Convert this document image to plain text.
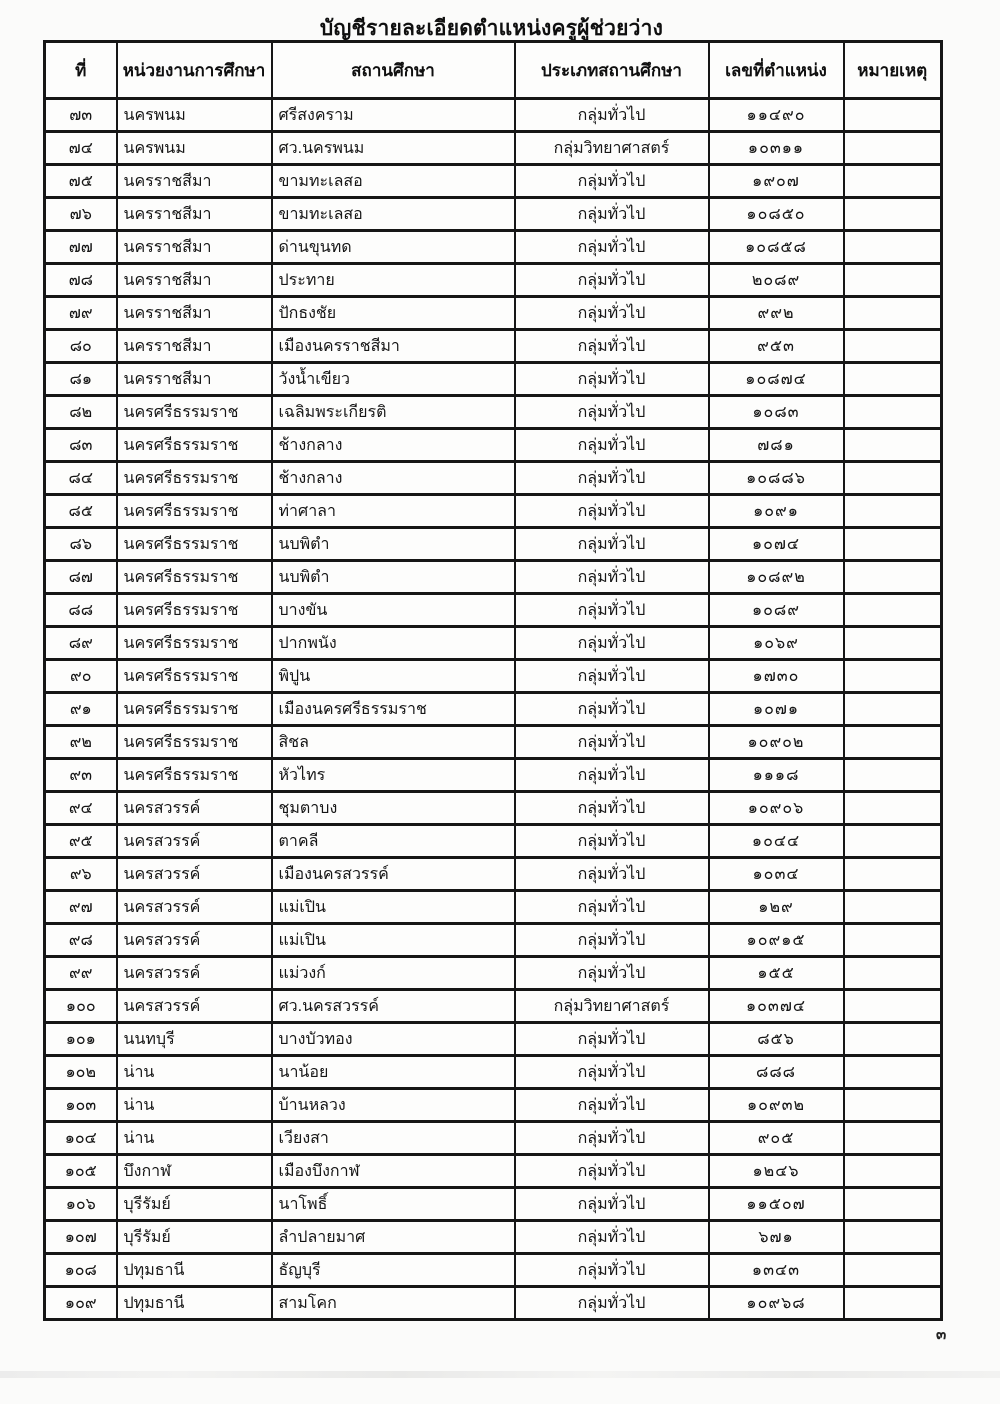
บัญชีรายละเอียดตำแหน่งครูผู้ช่วยว่าง
ที่	หน่วยงานการศึกษา	สถานศึกษา	ประเภทสถานศึกษา	เลขที่ตำแหน่ง	หมายเหตุ
๗๓	นครพนม	ศรีสงคราม	กลุ่มทั่วไป	๑๑๔๙๐	
๗๔	นครพนม	ศว.นครพนม	กลุ่มวิทยาศาสตร์	๑๐๓๑๑	
๗๕	นครราชสีมา	ขามทะเลสอ	กลุ่มทั่วไป	๑๙๐๗	
๗๖	นครราชสีมา	ขามทะเลสอ	กลุ่มทั่วไป	๑๐๘๕๐	
๗๗	นครราชสีมา	ด่านขุนทด	กลุ่มทั่วไป	๑๐๘๕๘	
๗๘	นครราชสีมา	ประทาย	กลุ่มทั่วไป	๒๐๘๙	
๗๙	นครราชสีมา	ปักธงชัย	กลุ่มทั่วไป	๙๙๒	
๘๐	นครราชสีมา	เมืองนครราชสีมา	กลุ่มทั่วไป	๙๕๓	
๘๑	นครราชสีมา	วังน้ำเขียว	กลุ่มทั่วไป	๑๐๘๗๔	
๘๒	นครศรีธรรมราช	เฉลิมพระเกียรติ	กลุ่มทั่วไป	๑๐๘๓	
๘๓	นครศรีธรรมราช	ช้างกลาง	กลุ่มทั่วไป	๗๘๑	
๘๔	นครศรีธรรมราช	ช้างกลาง	กลุ่มทั่วไป	๑๐๘๘๖	
๘๕	นครศรีธรรมราช	ท่าศาลา	กลุ่มทั่วไป	๑๐๙๑	
๘๖	นครศรีธรรมราช	นบพิตำ	กลุ่มทั่วไป	๑๐๗๔	
๘๗	นครศรีธรรมราช	นบพิตำ	กลุ่มทั่วไป	๑๐๘๙๒	
๘๘	นครศรีธรรมราช	บางขัน	กลุ่มทั่วไป	๑๐๘๙	
๘๙	นครศรีธรรมราช	ปากพนัง	กลุ่มทั่วไป	๑๐๖๙	
๙๐	นครศรีธรรมราช	พิปูน	กลุ่มทั่วไป	๑๗๓๐	
๙๑	นครศรีธรรมราช	เมืองนครศรีธรรมราช	กลุ่มทั่วไป	๑๐๗๑	
๙๒	นครศรีธรรมราช	สิชล	กลุ่มทั่วไป	๑๐๙๐๒	
๙๓	นครศรีธรรมราช	หัวไทร	กลุ่มทั่วไป	๑๑๑๘	
๙๔	นครสวรรค์	ชุมตาบง	กลุ่มทั่วไป	๑๐๙๐๖	
๙๕	นครสวรรค์	ตาคลี	กลุ่มทั่วไป	๑๐๔๔	
๙๖	นครสวรรค์	เมืองนครสวรรค์	กลุ่มทั่วไป	๑๐๓๔	
๙๗	นครสวรรค์	แม่เปิน	กลุ่มทั่วไป	๑๒๙	
๙๘	นครสวรรค์	แม่เปิน	กลุ่มทั่วไป	๑๐๙๑๕	
๙๙	นครสวรรค์	แม่วงก์	กลุ่มทั่วไป	๑๕๕	
๑๐๐	นครสวรรค์	ศว.นครสวรรค์	กลุ่มวิทยาศาสตร์	๑๐๓๗๔	
๑๐๑	นนทบุรี	บางบัวทอง	กลุ่มทั่วไป	๘๕๖	
๑๐๒	น่าน	นาน้อย	กลุ่มทั่วไป	๘๘๘	
๑๐๓	น่าน	บ้านหลวง	กลุ่มทั่วไป	๑๐๙๓๒	
๑๐๔	น่าน	เวียงสา	กลุ่มทั่วไป	๙๐๕	
๑๐๕	บึงกาฬ	เมืองบึงกาฬ	กลุ่มทั่วไป	๑๒๔๖	
๑๐๖	บุรีรัมย์	นาโพธิ์	กลุ่มทั่วไป	๑๑๕๐๗	
๑๐๗	บุรีรัมย์	ลำปลายมาศ	กลุ่มทั่วไป	๖๗๑	
๑๐๘	ปทุมธานี	ธัญบุรี	กลุ่มทั่วไป	๑๓๔๓	
๑๐๙	ปทุมธานี	สามโคก	กลุ่มทั่วไป	๑๐๙๖๘	
๓
